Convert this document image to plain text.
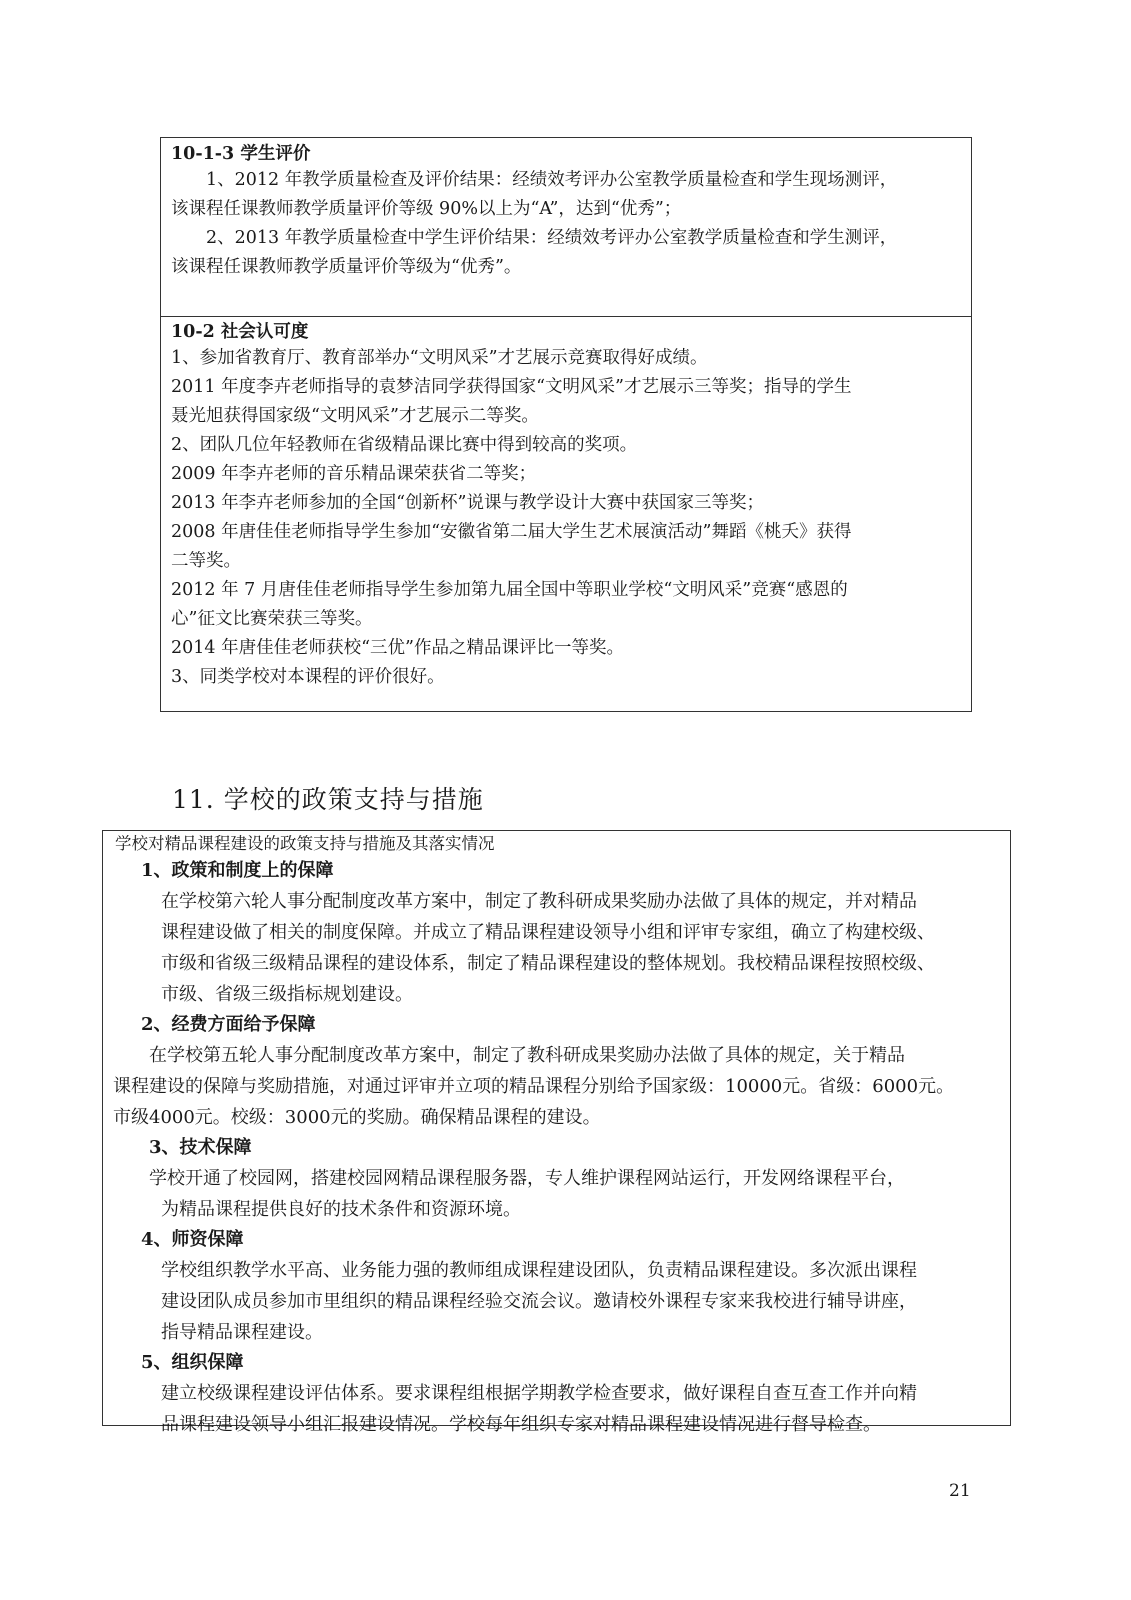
10-1-3 学生评价

1、2012 年教学质量检查及评价结果：经绩效考评办公室教学质量检查和学生现场测评，

该课程任课教师教学质量评价等级 90%以上为“A”，达到“优秀”；

2、2013 年教学质量检查中学生评价结果：经绩效考评办公室教学质量检查和学生测评，

该课程任课教师教学质量评价等级为“优秀”。

10-2 社会认可度

1、参加省教育厅、教育部举办“文明风采”才艺展示竞赛取得好成绩。

2011 年度李卉老师指导的袁梦洁同学获得国家“文明风采”才艺展示三等奖；指导的学生

聂光旭获得国家级“文明风采”才艺展示二等奖。

2、团队几位年轻教师在省级精品课比赛中得到较高的奖项。

2009 年李卉老师的音乐精品课荣获省二等奖；

2013 年李卉老师参加的全国“创新杯”说课与教学设计大赛中获国家三等奖；

2008 年唐佳佳老师指导学生参加“安徽省第二届大学生艺术展演活动”舞蹈《桃夭》获得

二等奖。

2012 年 7 月唐佳佳老师指导学生参加第九届全国中等职业学校“文明风采”竞赛“感恩的

心”征文比赛荣获三等奖。

2014 年唐佳佳老师获校“三优”作品之精品课评比一等奖。

3、同类学校对本课程的评价很好。

11. 学校的政策支持与措施

学校对精品课程建设的政策支持与措施及其落实情况

1、政策和制度上的保障

在学校第六轮人事分配制度改革方案中，制定了教科研成果奖励办法做了具体的规定，并对精品

课程建设做了相关的制度保障。并成立了精品课程建设领导小组和评审专家组，确立了构建校级、

市级和省级三级精品课程的建设体系，制定了精品课程建设的整体规划。我校精品课程按照校级、

市级、省级三级指标规划建设。

2、经费方面给予保障

在学校第五轮人事分配制度改革方案中，制定了教科研成果奖励办法做了具体的规定，关于精品

课程建设的保障与奖励措施，对通过评审并立项的精品课程分别给予国家级：10000元。省级：6000元。

市级4000元。校级：3000元的奖励。确保精品课程的建设。

3、技术保障

学校开通了校园网，搭建校园网精品课程服务器，专人维护课程网站运行，开发网络课程平台，

为精品课程提供良好的技术条件和资源环境。

4、师资保障

学校组织教学水平高、业务能力强的教师组成课程建设团队，负责精品课程建设。多次派出课程

建设团队成员参加市里组织的精品课程经验交流会议。邀请校外课程专家来我校进行辅导讲座，

指导精品课程建设。

5、组织保障

建立校级课程建设评估体系。要求课程组根据学期教学检查要求，做好课程自查互查工作并向精

品课程建设领导小组汇报建设情况。学校每年组织专家对精品课程建设情况进行督导检查。

21
